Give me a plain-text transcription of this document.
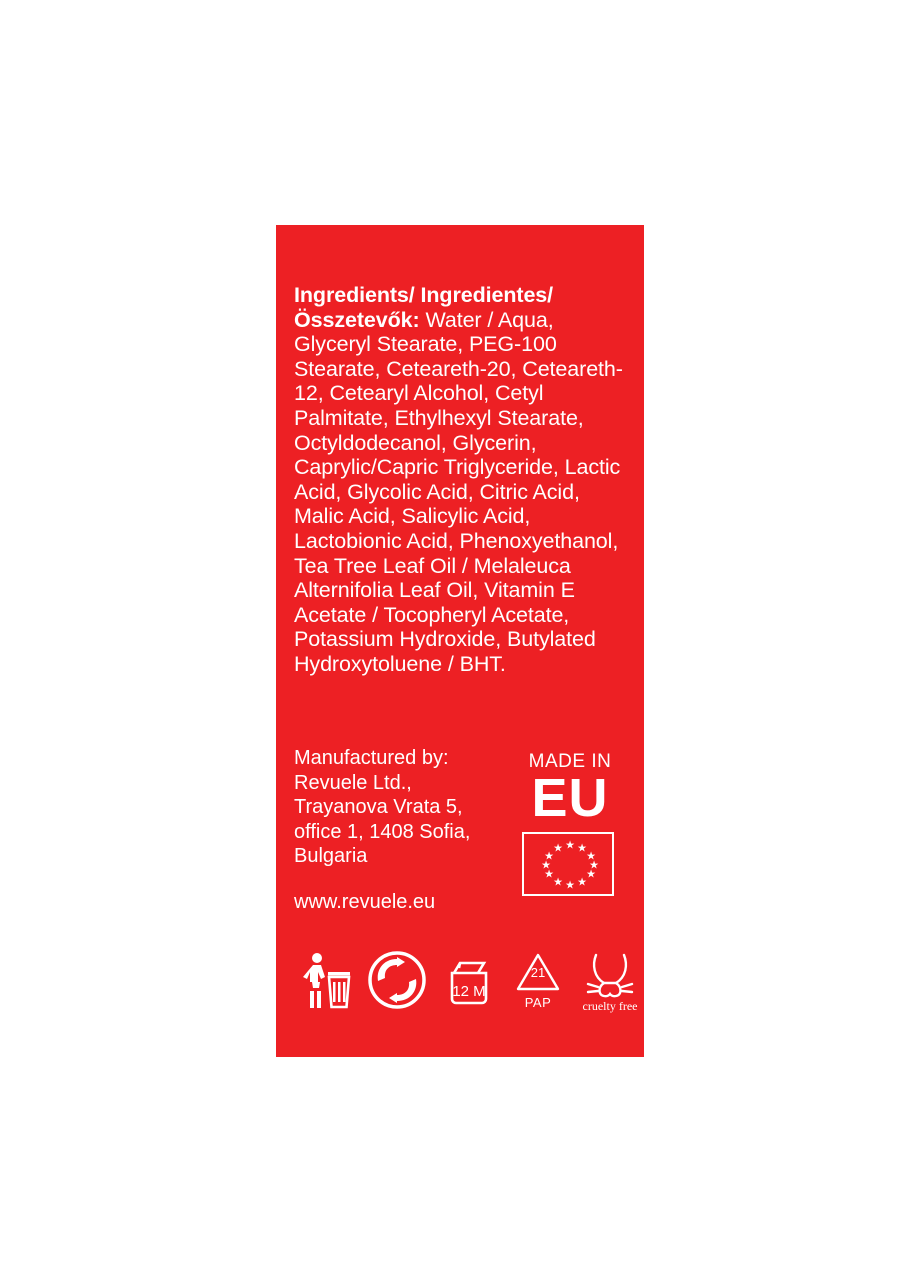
Ingredients/ Ingredientes/ Összetevők: Water / Aqua, Glyceryl Stearate, PEG-100 Stearate, Ceteareth-20, Ceteareth-12, Cetearyl Alcohol, Cetyl Palmitate, Ethylhexyl Stearate, Octyldodecanol, Glycerin, Caprylic/Capric Triglyceride, Lactic Acid, Glycolic Acid, Citric Acid, Malic Acid, Salicylic Acid, Lactobionic Acid, Phenoxyethanol, Tea Tree Leaf Oil / Melaleuca Alternifolia Leaf Oil, Vitamin E Acetate / Tocopheryl Acetate, Potassium Hydroxide, Butylated Hydroxytoluene / BHT.
Manufactured by:
Revuele Ltd.,
Trayanova Vrata 5,
office 1, 1408 Sofia,
Bulgaria
www.revuele.eu
MADE IN
EU
★ ★
★
★
★
★
★
★
★
★
★
★
12 M
21
PAP	cruelty free
